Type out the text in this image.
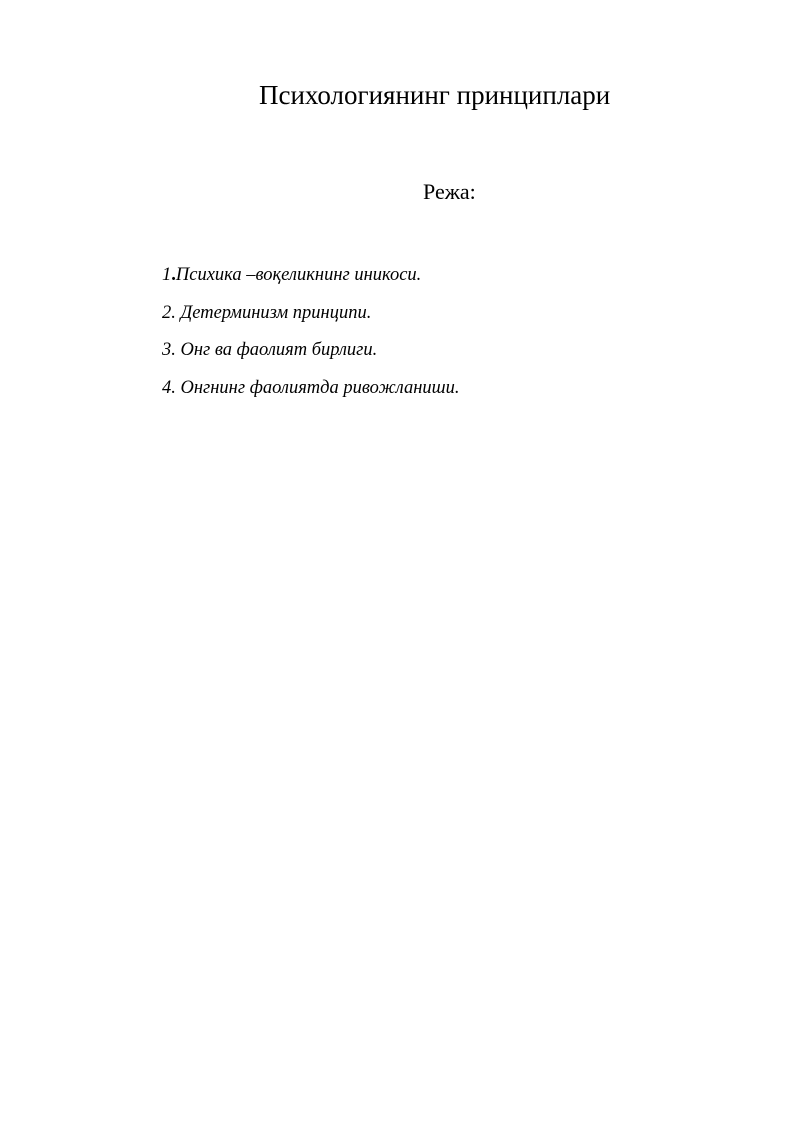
Психологиянинг принциплари
Режа:
1.Психика –воқеликнинг иникоси.
2. Детерминизм принципи.
3. Онг ва фаолият бирлиги.
4. Онгнинг фаолиятда ривожланиши.
